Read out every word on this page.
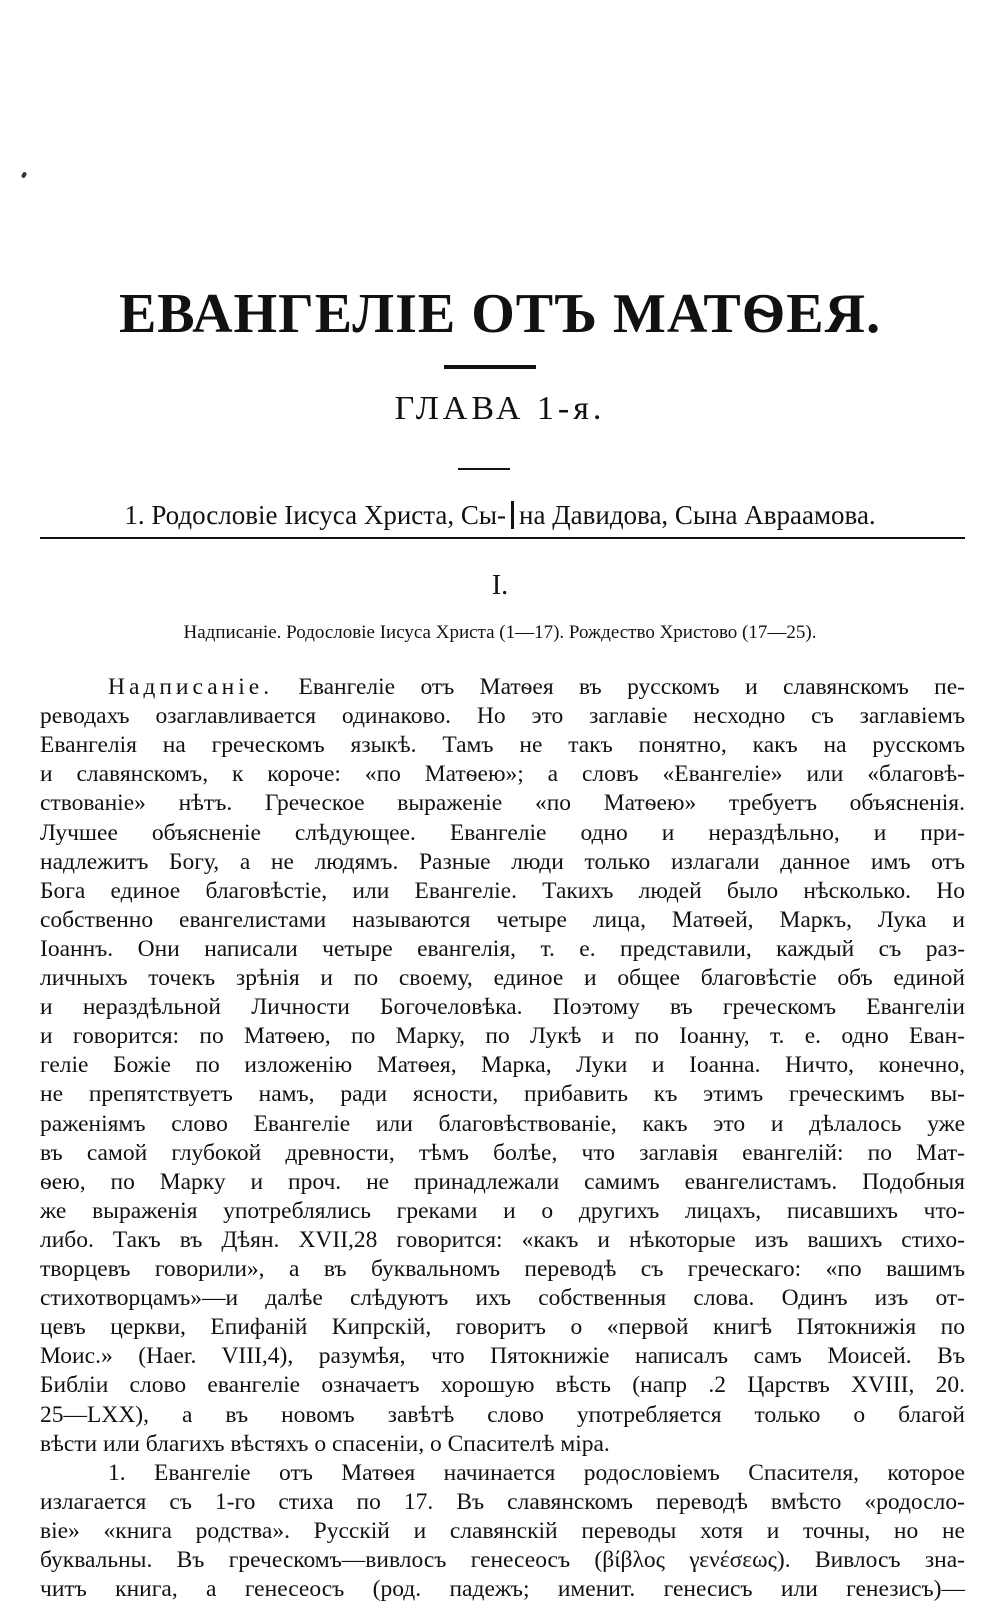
ЕВАНГЕЛІЕ ОТЪ МАТѲЕЯ.
ГЛАВА 1-я.
1. Родословіе Іисуса Христа, Сы- на Давидова, Сына Авраамова.
I.
Надписаніе. Родословіе Іисуса Христа (1—17). Рождество Христово (17—25).
Надписаніе. Евангеліе отъ Матѳея въ русскомъ и славянскомъ пе-
реводахъ озаглавливается одинаково. Но это заглавіе несходно съ заглавіемъ
Евангелія на греческомъ языкѣ. Тамъ не такъ понятно, какъ на русскомъ
и славянскомъ, к короче: «по Матѳею»; а словъ «Евангеліе» или «благовѣ-
ствованіе» нѣтъ. Греческое выраженіе «по Матѳею» требуетъ объясненія.
Лучшее объясненіе слѣдующее. Евангеліе одно и нераздѣльно, и при-
надлежитъ Богу, а не людямъ. Разные люди только излагали данное имъ отъ
Бога единое благовѣстіе, или Евангеліе. Такихъ людей было нѣсколько. Но
собственно евангелистами называются четыре лица, Матѳей, Маркъ, Лука и
Іоаннъ. Они написали четыре евангелія, т. е. представили, каждый съ раз-
личныхъ точекъ зрѣнія и по своему, единое и общее благовѣстіе объ единой
и нераздѣльной Личности Богочеловѣка. Поэтому въ греческомъ Евангеліи
и говорится: по Матѳею, по Марку, по Лукѣ и по Іоанну, т. е. одно Еван-
геліе Божіе по изложенію Матѳея, Марка, Луки и Іоанна. Ничто, конечно,
не препятствуетъ намъ, ради ясности, прибавить къ этимъ греческимъ вы-
раженіямъ слово Евангеліе или благовѣствованіе, какъ это и дѣлалось уже
въ самой глубокой древности, тѣмъ болѣе, что заглавія евангелій: по Мат-
ѳею, по Марку и проч. не принадлежали самимъ евангелистамъ. Подобныя
же выраженія употреблялись греками и о другихъ лицахъ, писавшихъ что-
либо. Такъ въ Дѣян. XVII,28 говорится: «какъ и нѣкоторые изъ вашихъ стихо-
творцевъ говорили», а въ буквальномъ переводѣ съ греческаго: «по вашимъ
стихотворцамъ»—и далѣе слѣдуютъ ихъ собственныя слова. Одинъ изъ от-
цевъ церкви, Епифаній Кипрскій, говоритъ о «первой книгѣ Пятокнижія по
Моис.» (Haer. VIII,4), разумѣя, что Пятокнижіе написалъ самъ Моисей. Въ
Библіи слово евангеліе означаетъ хорошую вѣсть (напр .2 Царствъ XVIII, 20.
25—LXX), а въ новомъ завѣтѣ слово употребляется только о благой
вѣсти или благихъ вѣстяхъ о спасеніи, о Спасителѣ міра.
1. Евангеліе отъ Матѳея начинается родословіемъ Спасителя, которое
излагается съ 1-го стиха по 17. Въ славянскомъ переводѣ вмѣсто «родосло-
віе» «книга родства». Русскій и славянскій переводы хотя и точны, но не
буквальны. Въ греческомъ—вивлосъ генесеосъ (βίβλος γενέσεως). Вивлосъ зна-
читъ книга, а генесеосъ (род. падежъ; именит. генесисъ или генезисъ)—
